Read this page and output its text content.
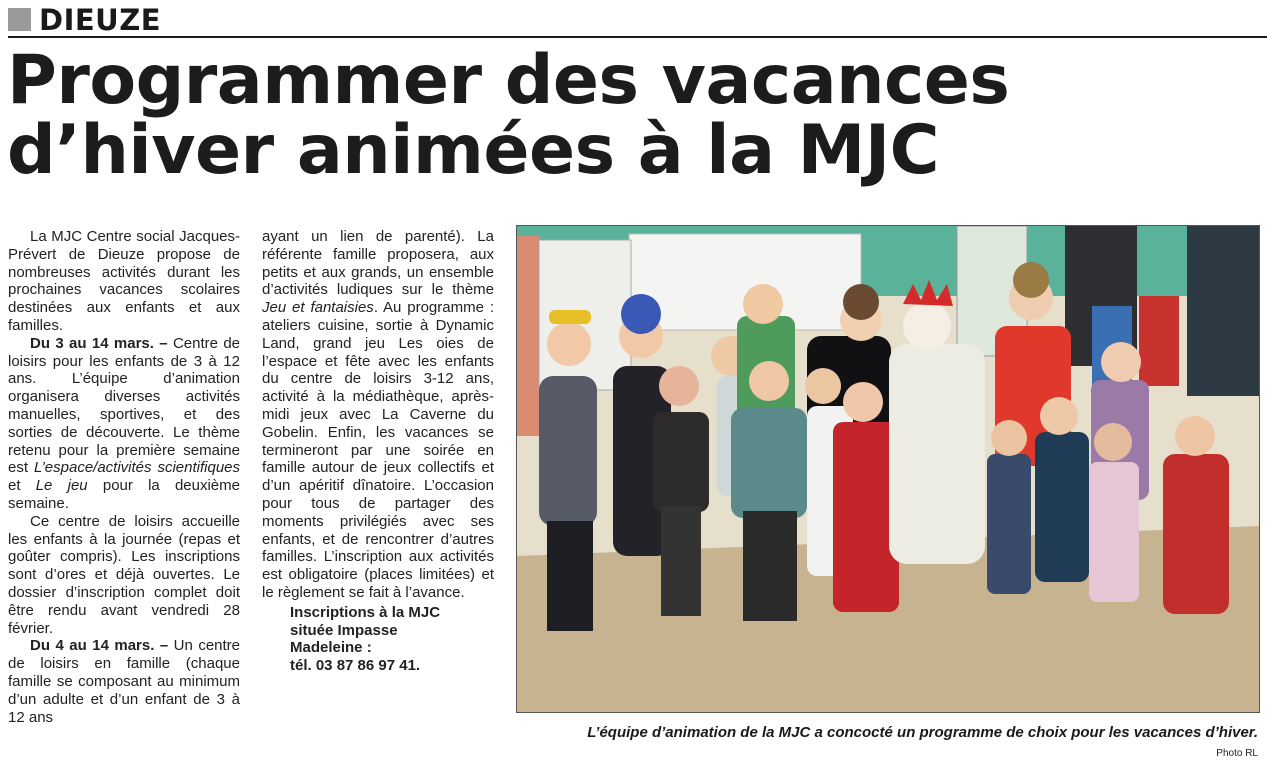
DIEUZE
Programmer des vacances
d’hiver animées à la MJC

La MJC Centre social Jacques-Prévert de Dieuze propose de nombreuses activités durant les prochaines vacances scolaires destinées aux enfants et aux familles.

Du 3 au 14 mars. – Centre de loisirs pour les enfants de 3 à 12 ans. L’équipe d’animation organisera diverses activités manuelles, sportives, et des sorties de découverte. Le thème retenu pour la première semaine est L’espace/activités scientifiques et Le jeu pour la deuxième semaine.

Ce centre de loisirs accueille les enfants à la journée (repas et goûter compris). Les inscriptions sont d’ores et déjà ouvertes. Le dossier d’inscription complet doit être rendu avant vendredi 28 février.

Du 4 au 14 mars. – Un centre de loisirs en famille (chaque famille se composant au minimum d’un adulte et d’un enfant de 3 à 12 ans

ayant un lien de parenté). La référente famille proposera, aux petits et aux grands, un ensemble d’activités ludiques sur le thème Jeu et fantaisies. Au programme : ateliers cuisine, sortie à Dynamic Land, grand jeu Les oies de l’espace et fête avec les enfants du centre de loisirs 3-12 ans, activité à la médiathèque, après-midi jeux avec La Caverne du Gobelin. Enfin, les vacances se termineront par une soirée en famille autour de jeux collectifs et d’un apéritif dînatoire. L’occasion pour tous de partager des moments privilégiés avec ses enfants, et de rencontrer d’autres familles. L’inscription aux activités est obligatoire (places limitées) et le règlement se fait à l’avance.

Inscriptions à la MJC
située Impasse
Madeleine :
tél. 03 87 86 97 41.

L’équipe d’animation de la MJC a concocté un programme de choix pour les vacances d’hiver.
Photo RL
